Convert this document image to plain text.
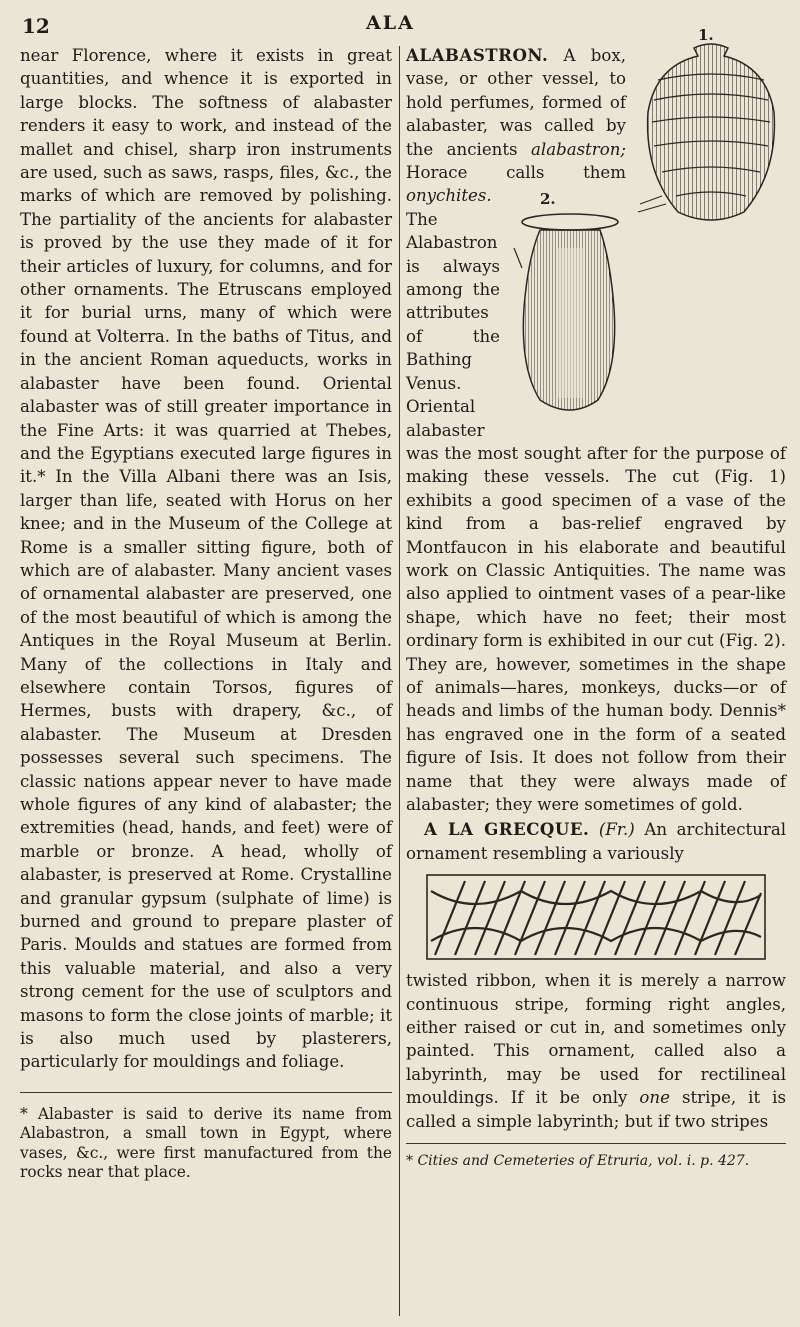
12	ALA

near Florence, where it exists in great quantities, and whence it is exported in large blocks. The softness of alabaster renders it easy to work, and instead of the mallet and chisel, sharp iron instruments are used, such as saws, rasps, files, &c., the marks of which are removed by polishing. The partiality of the ancients for alabaster is proved by the use they made of it for their articles of luxury, for columns, and for other ornaments. The Etruscans employed it for burial urns, many of which were found at Volterra. In the baths of Titus, and in the ancient Roman aqueducts, works in alabaster have been found. Oriental alabaster was of still greater importance in the Fine Arts: it was quarried at Thebes, and the Egyptians executed large figures in it.* In the Villa Albani there was an Isis, larger than life, seated with Horus on her knee; and in the Museum of the College at Rome is a smaller sitting figure, both of which are of alabaster. Many ancient vases of ornamental alabaster are preserved, one of the most beautiful of which is among the Antiques in the Royal Museum at Berlin. Many of the collections in Italy and elsewhere contain Torsos, figures of Hermes, busts with drapery, &c., of alabaster. The Museum at Dresden possesses several such specimens. The classic nations appear never to have made whole figures of any kind of alabaster; the extremities (head, hands, and feet) were of marble or bronze. A head, wholly of alabaster, is preserved at Rome. Crystalline and granular gypsum (sulphate of lime) is burned and ground to prepare plaster of Paris. Moulds and statues are formed from this valuable material, and also a very strong cement for the use of sculptors and masons to form the close joints of marble; it is also much used by plasterers, particularly for mouldings and foliage.

* Alabaster is said to derive its name from Alabastron, a small town in Egypt, where vases, &c., were first manufactured from the rocks near that place.

1.
ALABASTRON. A box, vase, or other vessel, to hold perfumes, formed of alabaster, was called by the ancients alabastron; Horace calls them onychites.	2.
The Alabastron is always among the attributes of the Bathing Venus. Oriental alabaster was the most sought after for the purpose of making these vessels. The cut (Fig. 1) exhibits a good specimen of a vase of the kind from a bas-relief engraved by Montfaucon in his elaborate and beautiful work on Classic Antiquities. The name was also applied to ointment vases of a pear-like shape, which have no feet; their most ordinary form is exhibited in our cut (Fig. 2). They are, however, sometimes in the shape of animals—hares, monkeys, ducks—or of heads and limbs of the human body. Dennis* has engraved one in the form of a seated figure of Isis. It does not follow from their name that they were always made of alabaster; they were sometimes of gold.

A LA GRECQUE. (Fr.) An architectural ornament resembling a variously

twisted ribbon, when it is merely a narrow continuous stripe, forming right angles, either raised or cut in, and sometimes only painted. This ornament, called also a labyrinth, may be used for rectilineal mouldings. If it be only one stripe, it is called a simple labyrinth; but if two stripes

* Cities and Cemeteries of Etruria, vol. i. p. 427.
